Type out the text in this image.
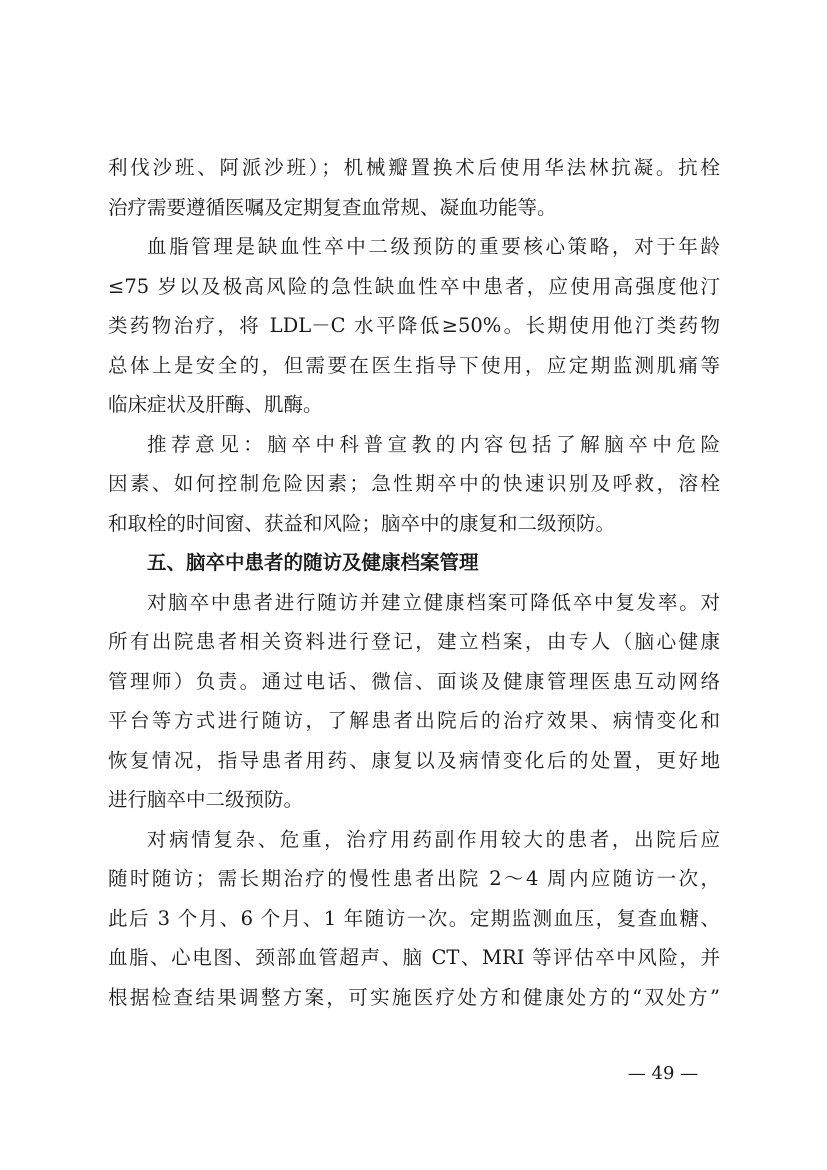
利伐沙班、阿派沙班）；机械瓣置换术后使用华法林抗凝。抗栓
治疗需要遵循医嘱及定期复查血常规、凝血功能等。
血脂管理是缺血性卒中二级预防的重要核心策略，对于年龄
≤75 岁以及极高风险的急性缺血性卒中患者，应使用高强度他汀
类药物治疗，将 LDL－C 水平降低≥50%。长期使用他汀类药物
总体上是安全的，但需要在医生指导下使用，应定期监测肌痛等
临床症状及肝酶、肌酶。
推荐意见：脑卒中科普宣教的内容包括了解脑卒中危险
因素、如何控制危险因素；急性期卒中的快速识别及呼救，溶栓
和取栓的时间窗、获益和风险；脑卒中的康复和二级预防。
五、脑卒中患者的随访及健康档案管理
对脑卒中患者进行随访并建立健康档案可降低卒中复发率。对
所有出院患者相关资料进行登记，建立档案，由专人（脑心健康
管理师）负责。通过电话、微信、面谈及健康管理医患互动网络
平台等方式进行随访，了解患者出院后的治疗效果、病情变化和
恢复情况，指导患者用药、康复以及病情变化后的处置，更好地
进行脑卒中二级预防。
对病情复杂、危重，治疗用药副作用较大的患者，出院后应
随时随访；需长期治疗的慢性患者出院 2～4 周内应随访一次，
此后 3 个月、6 个月、1 年随访一次。定期监测血压，复查血糖、
血脂、心电图、颈部血管超声、脑 CT、MRI 等评估卒中风险，并
根据检查结果调整方案，可实施医疗处方和健康处方的“双处方”
— 49 —
